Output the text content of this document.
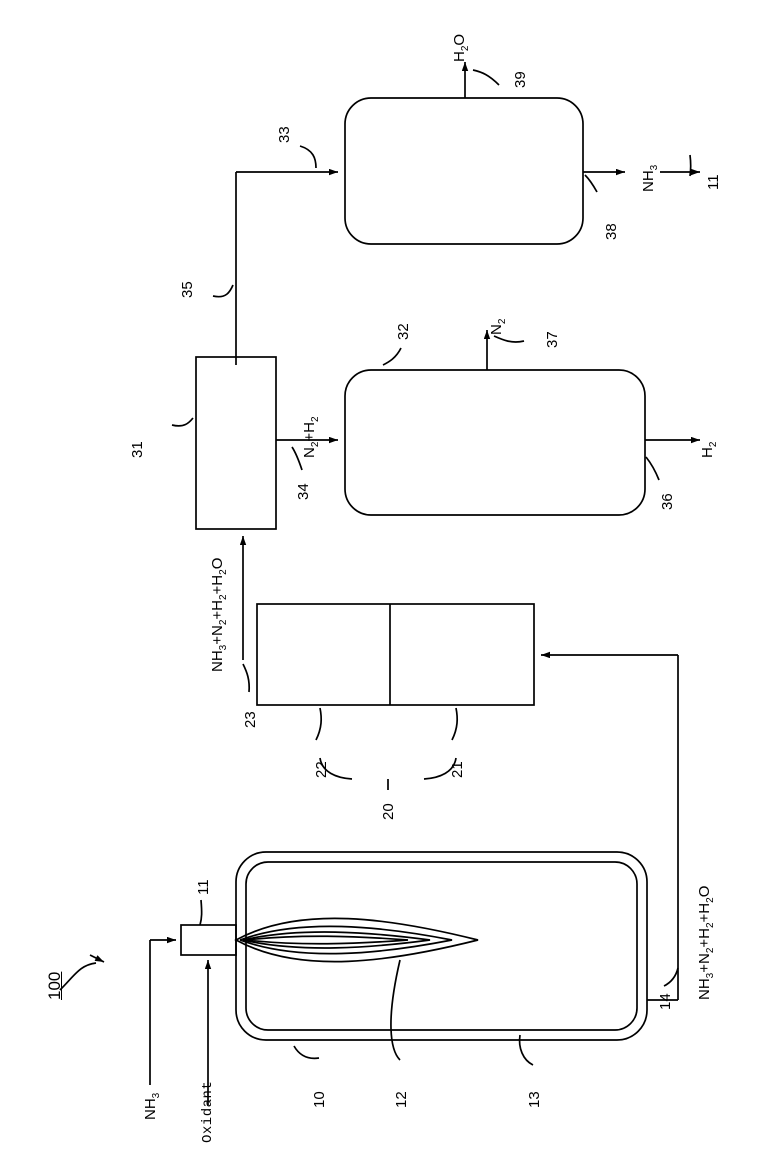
100
$NH_3$	Oxidant	10	12	13
11
14
$NH_3+N_2+H_2+H_2O$
22	21
20
23
$NH_3+N_2+H_2+H_2O$
31
34
$N_2+H_2$
32	$N_2$
37
$H_2$
36
35
33
$H_2O$
39
$NH_3$
38
11
